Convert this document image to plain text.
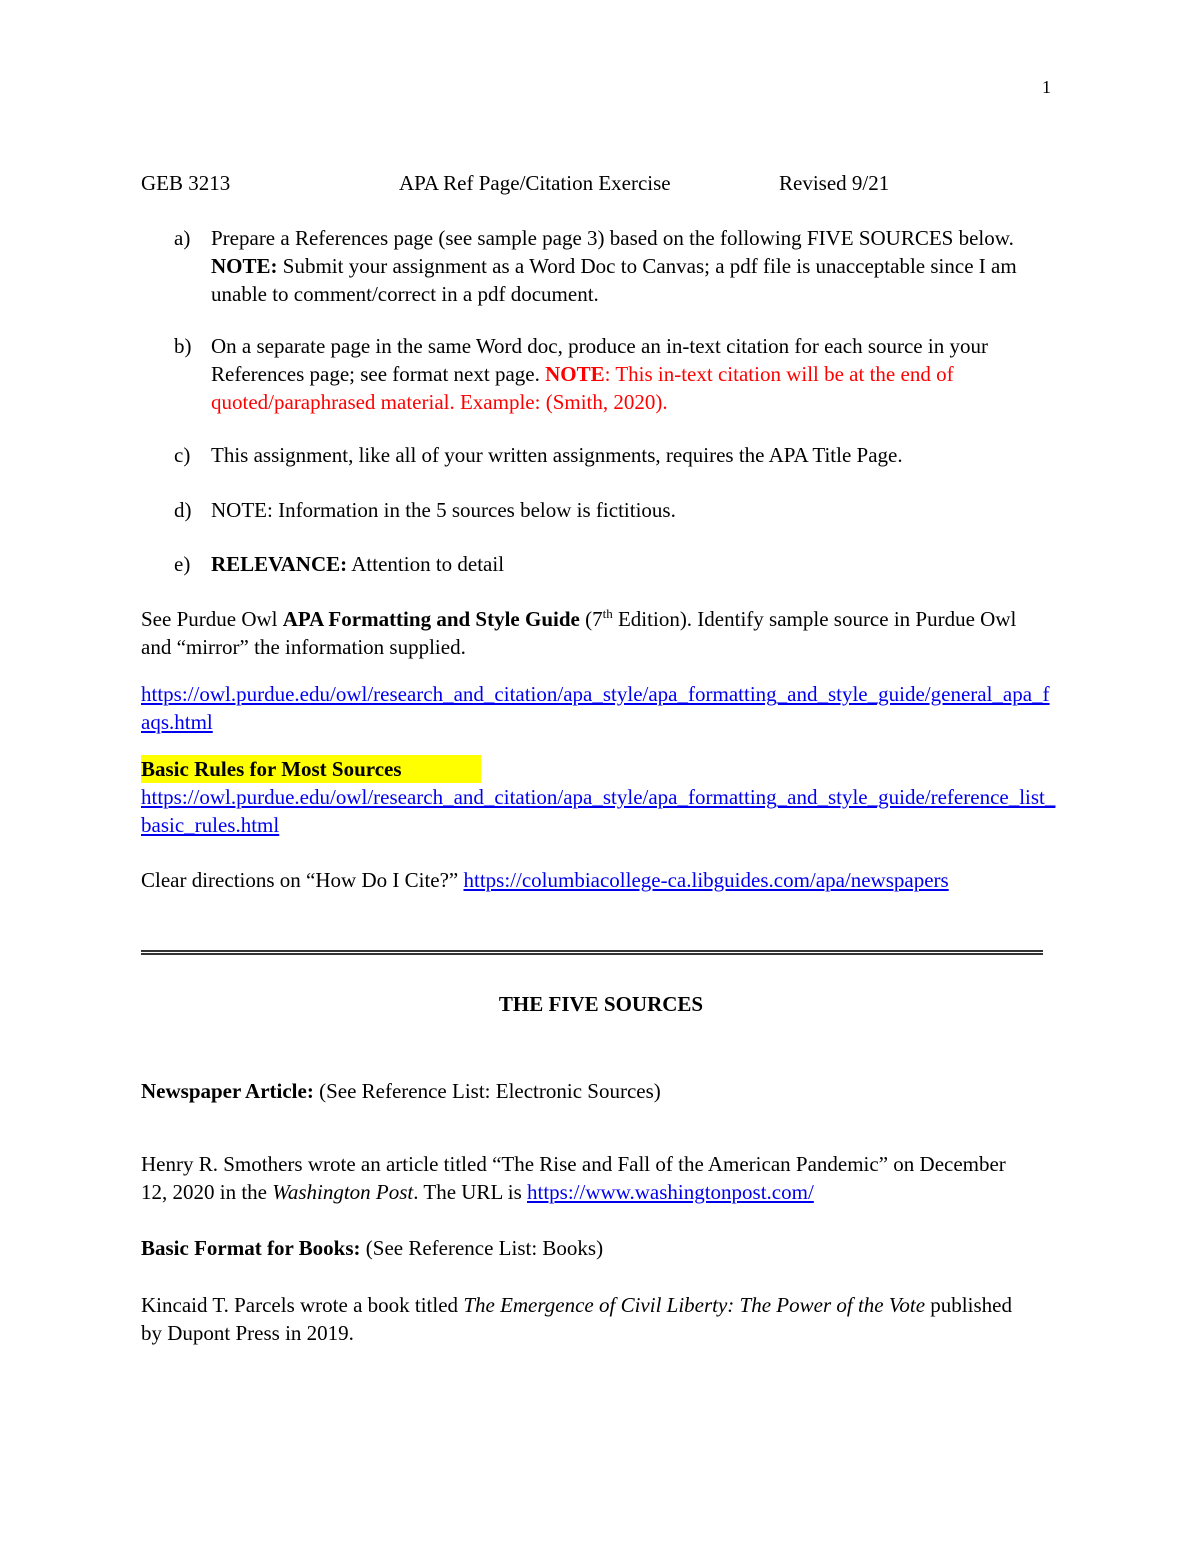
1
GEB 3213	APA Ref Page/Citation Exercise	Revised 9/21
a) Prepare a References page (see sample page 3) based on the following FIVE SOURCES below. NOTE: Submit your assignment as a Word Doc to Canvas; a pdf file is unacceptable since I am unable to comment/correct in a pdf document.
b) On a separate page in the same Word doc, produce an in-text citation for each source in your References page; see format next page. NOTE: This in-text citation will be at the end of quoted/paraphrased material. Example: (Smith, 2020).
c) This assignment, like all of your written assignments, requires the APA Title Page.
d) NOTE: Information in the 5 sources below is fictitious.
e) RELEVANCE: Attention to detail
See Purdue Owl APA Formatting and Style Guide (7th Edition). Identify sample source in Purdue Owl and “mirror” the information supplied.
https://owl.purdue.edu/owl/research_and_citation/apa_style/apa_formatting_and_style_guide/general_apa_faqs.html
Basic Rules for Most Sources
https://owl.purdue.edu/owl/research_and_citation/apa_style/apa_formatting_and_style_guide/reference_list_basic_rules.html
Clear directions on “How Do I Cite?” https://columbiacollege-ca.libguides.com/apa/newspapers
THE FIVE SOURCES
Newspaper Article: (See Reference List: Electronic Sources)
Henry R. Smothers wrote an article titled “The Rise and Fall of the American Pandemic” on December 12, 2020 in the Washington Post. The URL is https://www.washingtonpost.com/
Basic Format for Books: (See Reference List: Books)
Kincaid T. Parcels wrote a book titled The Emergence of Civil Liberty: The Power of the Vote published by Dupont Press in 2019.
